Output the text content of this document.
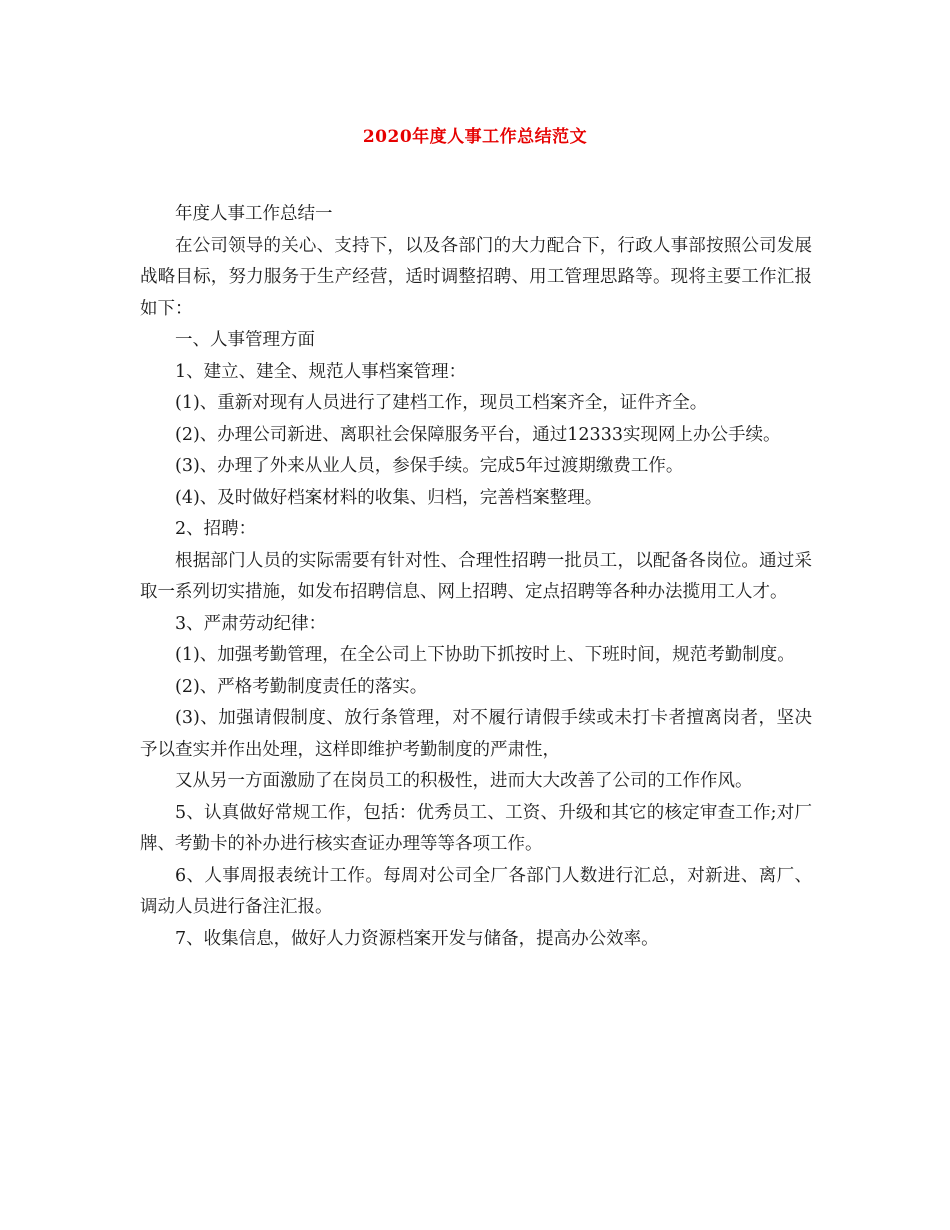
2020年度人事工作总结范文

年度人事工作总结一

在公司领导的关心、支持下，以及各部门的大力配合下，行政人事部按照公司发展战略目标，努力服务于生产经营，适时调整招聘、用工管理思路等。现将主要工作汇报如下：

一、人事管理方面

1、建立、建全、规范人事档案管理：

(1)、重新对现有人员进行了建档工作，现员工档案齐全，证件齐全。

(2)、办理公司新进、离职社会保障服务平台，通过12333实现网上办公手续。

(3)、办理了外来从业人员，参保手续。完成5年过渡期缴费工作。

(4)、及时做好档案材料的收集、归档，完善档案整理。

2、招聘：

根据部门人员的实际需要有针对性、合理性招聘一批员工，以配备各岗位。通过采取一系列切实措施，如发布招聘信息、网上招聘、定点招聘等各种办法揽用工人才。

3、严肃劳动纪律：

(1)、加强考勤管理，在全公司上下协助下抓按时上、下班时间，规范考勤制度。

(2)、严格考勤制度责任的落实。

(3)、加强请假制度、放行条管理，对不履行请假手续或未打卡者擅离岗者，坚决予以查实并作出处理，这样即维护考勤制度的严肃性，

又从另一方面激励了在岗员工的积极性，进而大大改善了公司的工作作风。

5、认真做好常规工作，包括：优秀员工、工资、升级和其它的核定审查工作;对厂牌、考勤卡的补办进行核实查证办理等等各项工作。

6、人事周报表统计工作。每周对公司全厂各部门人数进行汇总，对新进、离厂、调动人员进行备注汇报。

7、收集信息，做好人力资源档案开发与储备，提高办公效率。
